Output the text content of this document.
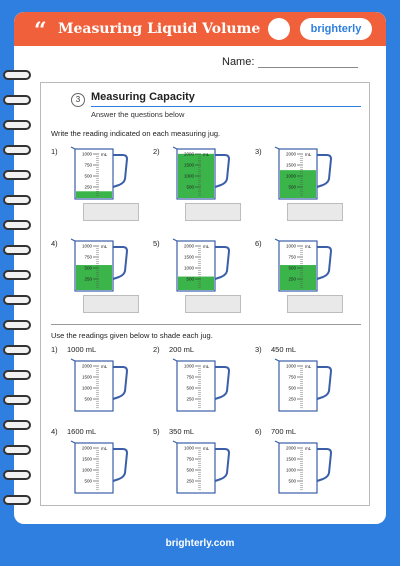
“ Measuring Liquid Volume	brighterly
Name:
3 Measuring Capacity
Answer the questions below
Write the reading indicated on each measuring jug.
1)	mL
1000
750
500
250
2)	mL
2000
1500
1000
500
3)	mL
2000
1500
1000
500
4)	mL
1000
750
500
250
5)	mL
2000
1500
1000
500
6)	mL
1000
750
500
250
Use the readings given below to shade each jug.
1) 1000 mL
mL
2000
1500
1000
500
2) 200 mL
mL
1000
750
500
250
3) 450 mL
mL
1000
750
500
250
4) 1600 mL
mL
2000
1500
1000
500
5) 350 mL
mL
1000
750
500
250
6) 700 mL
mL
2000
1500
1000
500
brighterly.com
